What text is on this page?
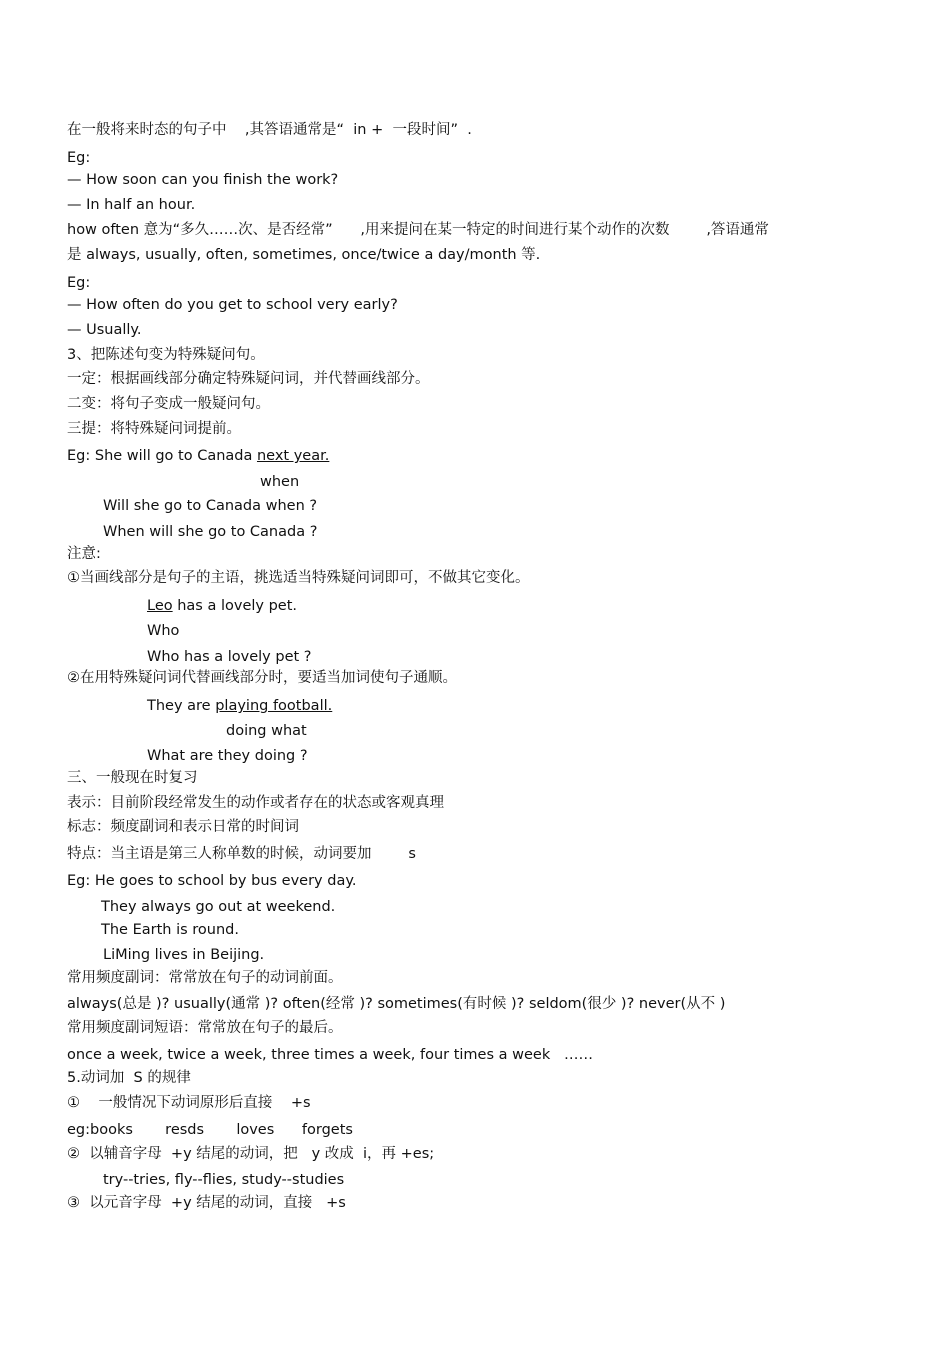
在一般将来时态的句子中    ,其答语通常是“  in +  一段时间”  .
Eg:
— How soon can you finish the work?
— In half an hour.
how often 意为“多久……次、是否经常”      ,用来提问在某一特定的时间进行某个动作的次数        ,答语通常
是 always, usually, often, sometimes, once/twice a day/month 等.
Eg:
— How often do you get to school very early?
— Usually.
3、把陈述句变为特殊疑问句。
一定：根据画线部分确定特殊疑问词，并代替画线部分。
二变：将句子变成一般疑问句。
三提：将特殊疑问词提前。
Eg: She will go to Canada next year.
when
Will she go to Canada when ?
When will she go to Canada ?
注意:
①当画线部分是句子的主语，挑选适当特殊疑问词即可，不做其它变化。
Leo has a lovely pet.
Who
Who has a lovely pet ?
②在用特殊疑问词代替画线部分时，要适当加词使句子通顺。
They are playing football.
doing what
What are they doing ?
三、一般现在时复习
表示：目前阶段经常发生的动作或者存在的状态或客观真理
标志：频度副词和表示日常的时间词
特点：当主语是第三人称单数的时候，动词要加        s
Eg: He goes to school by bus every day.
They always go out at weekend.
The Earth is round.
LiMing lives in Beijing.
常用频度副词：常常放在句子的动词前面。
always(总是 )? usually(通常 )? often(经常 )? sometimes(有时候 )? seldom(很少 )? never(从不 )
常用频度副词短语：常常放在句子的最后。
once a week, twice a week, three times a week, four times a week   ……
5.动词加  S 的规律
①    一般情况下动词原形后直接    +s
eg:books       resds       loves      forgets
②  以辅音字母  +y 结尾的动词，把   y 改成  i，再 +es;
try--tries, fly--flies, study--studies
③  以元音字母  +y 结尾的动词，直接   +s
